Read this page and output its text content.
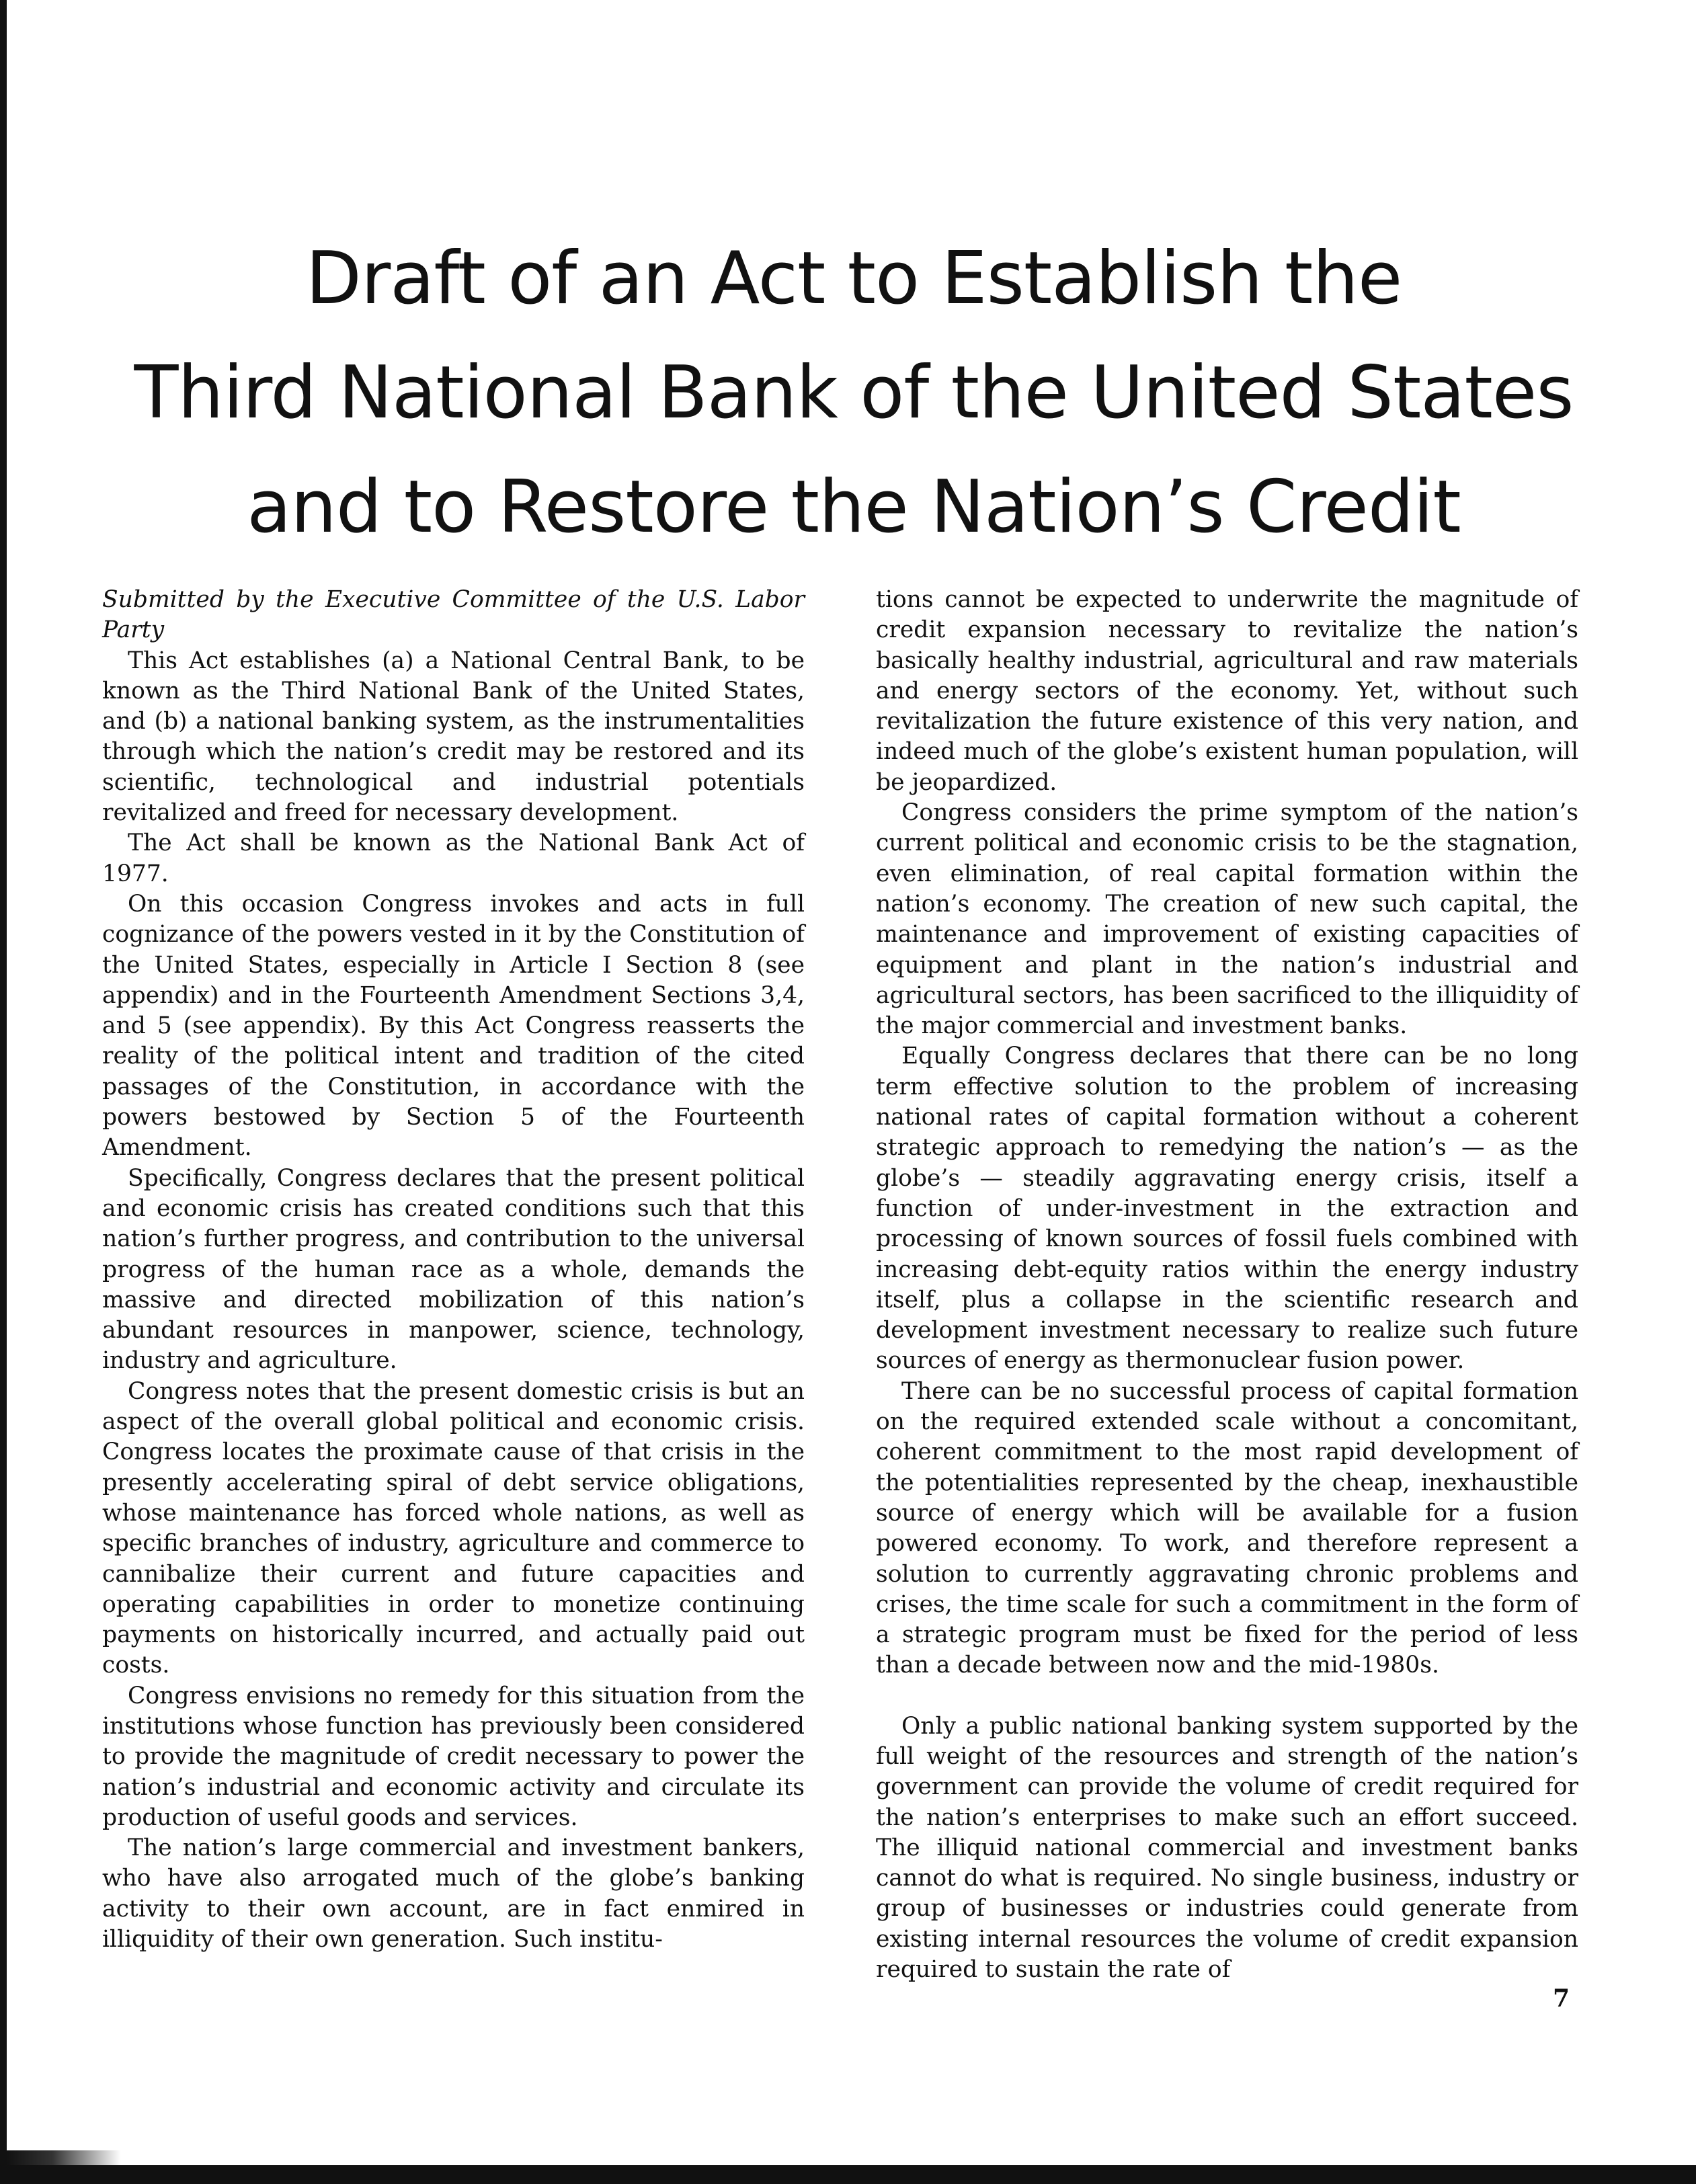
Draft of an Act to Establish the
Third National Bank of the United States
and to Restore the Nation’s Credit

Submitted by the Executive Committee of the U.S. Labor Party

This Act establishes (a) a National Central Bank, to be known as the Third National Bank of the United States, and (b) a national banking system, as the instrumentalities through which the nation’s credit may be restored and its scientific, technological and industrial potentials revitalized and freed for necessary development.

The Act shall be known as the National Bank Act of 1977.

On this occasion Congress invokes and acts in full cognizance of the powers vested in it by the Constitution of the United States, especially in Article I Section 8 (see appendix) and in the Fourteenth Amendment Sections 3,4, and 5 (see appendix). By this Act Congress reasserts the reality of the political intent and tradition of the cited passages of the Constitution, in accordance with the powers bestowed by Section 5 of the Fourteenth Amendment.

Specifically, Congress declares that the present political and economic crisis has created conditions such that this nation’s further progress, and contribution to the universal progress of the human race as a whole, demands the massive and directed mobilization of this nation’s abundant resources in manpower, science, technology, industry and agriculture.

Congress notes that the present domestic crisis is but an aspect of the overall global political and economic crisis. Congress locates the proximate cause of that crisis in the presently accelerating spiral of debt service obligations, whose maintenance has forced whole nations, as well as specific branches of industry, agriculture and commerce to cannibalize their current and future capacities and operating capabilities in order to monetize continuing payments on historically incurred, and actually paid out costs.

Congress envisions no remedy for this situation from the institutions whose function has previously been considered to provide the magnitude of credit necessary to power the nation’s industrial and economic activity and circulate its production of useful goods and services.

The nation’s large commercial and investment bankers, who have also arrogated much of the globe’s banking activity to their own account, are in fact enmired in illiquidity of their own generation. Such institu-

tions cannot be expected to underwrite the magnitude of credit expansion necessary to revitalize the nation’s basically healthy industrial, agricultural and raw materials and energy sectors of the economy. Yet, without such revitalization the future existence of this very nation, and indeed much of the globe’s existent human population, will be jeopardized.

Congress considers the prime symptom of the nation’s current political and economic crisis to be the stagnation, even elimination, of real capital formation within the nation’s economy. The creation of new such capital, the maintenance and improvement of existing capacities of equipment and plant in the nation’s industrial and agricultural sectors, has been sacrificed to the illiquidity of the major commercial and investment banks.

Equally Congress declares that there can be no long term effective solution to the problem of increasing national rates of capital formation without a coherent strategic approach to remedying the nation’s — as the globe’s — steadily aggravating energy crisis, itself a function of under-investment in the extraction and processing of known sources of fossil fuels combined with increasing debt-equity ratios within the energy industry itself, plus a collapse in the scientific research and development investment necessary to realize such future sources of energy as thermonuclear fusion power.

There can be no successful process of capital formation on the required extended scale without a concomitant, coherent commitment to the most rapid development of the potentialities represented by the cheap, inexhaustible source of energy which will be available for a fusion powered economy. To work, and therefore represent a solution to currently aggravating chronic problems and crises, the time scale for such a commitment in the form of a strategic program must be fixed for the period of less than a decade between now and the mid-1980s.

Only a public national banking system supported by the full weight of the resources and strength of the nation’s government can provide the volume of credit required for the nation’s enterprises to make such an effort succeed. The illiquid national commercial and investment banks cannot do what is required. No single business, industry or group of businesses or industries could generate from existing internal resources the volume of credit expansion required to sustain the rate of

7
